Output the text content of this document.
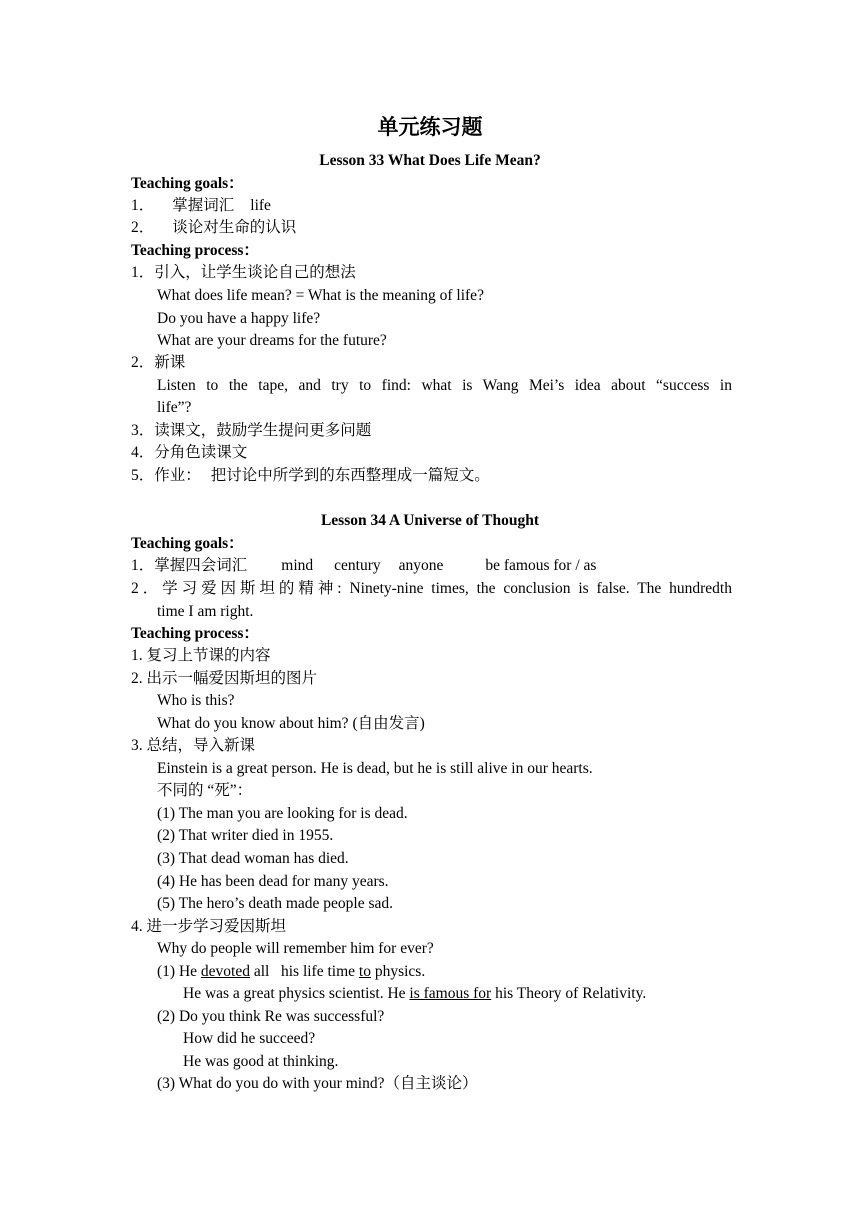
单元练习题
Lesson 33 What Does Life Mean?
Teaching goals：
1． 掌握词汇 life
2． 谈论对生命的认识
Teaching process：
1．引入，让学生谈论自己的想法
What does life mean? = What is the meaning of life?
Do you have a happy life?
What are your dreams for the future?
2．新课
Listen to the tape, and try to find: what is Wang Mei’s idea about “success in
life”?
3．读课文，鼓励学生提问更多问题
4．分角色读课文
5．作业： 把讨论中所学到的东西整理成一篇短文。
Lesson 34 A Universe of Thought
Teaching goals：
1．掌握四会词汇 mind century anyone	be famous for / as
2．学习爱因斯坦的精神: Ninety-nine times, the conclusion is false. The hundredth
time I am right.
Teaching process：
1. 复习上节课的内容
2. 出示一幅爱因斯坦的图片
Who is this?
What do you know about him? (自由发言)
3. 总结，导入新课
Einstein is a great person. He is dead, but he is still alive in our hearts.
不同的 “死”：
(1) The man you are looking for is dead.
(2) That writer died in 1955.
(3) That dead woman has died.
(4) He has been dead for many years.
(5) The hero’s death made people sad.
4. 进一步学习爱因斯坦
Why do people will remember him for ever?
(1) He devoted all   his life time to physics.
He was a great physics scientist. He is famous for his Theory of Relativity.
(2) Do you think Re was successful?
How did he succeed?
He was good at thinking.
(3) What do you do with your mind?（自主谈论）
